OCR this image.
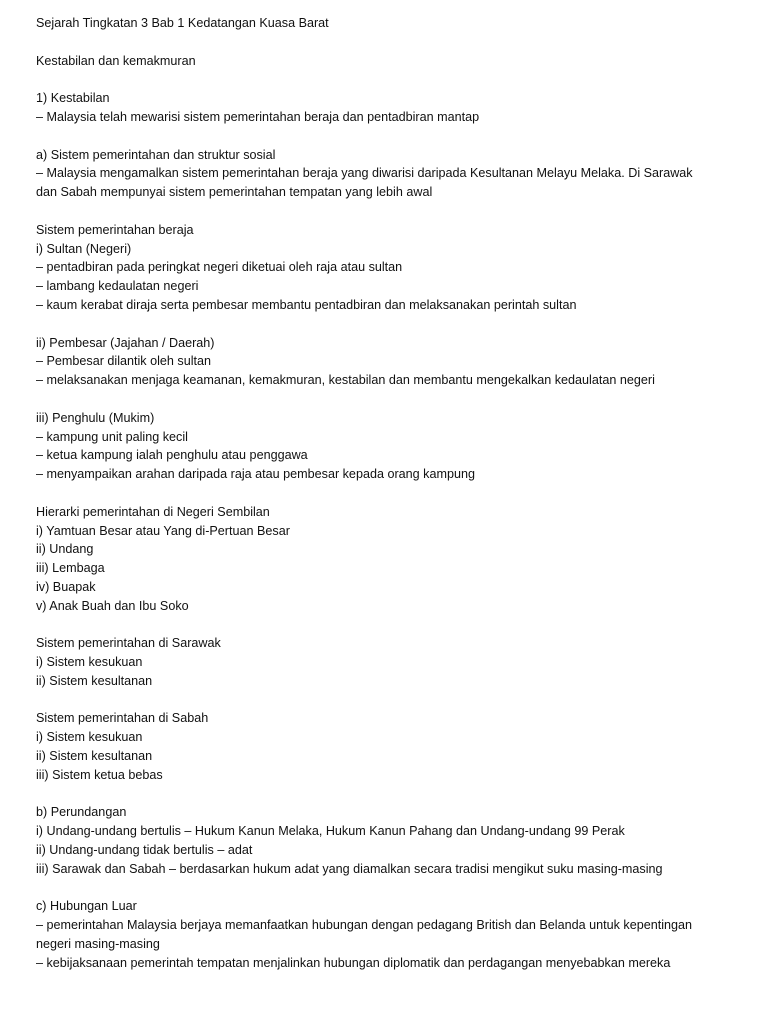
Sejarah Tingkatan 3 Bab 1 Kedatangan Kuasa Barat

Kestabilan dan kemakmuran

1) Kestabilan

– Malaysia telah mewarisi sistem pemerintahan beraja dan pentadbiran mantap

a) Sistem pemerintahan dan struktur sosial

– Malaysia mengamalkan sistem pemerintahan beraja yang diwarisi daripada Kesultanan Melayu Melaka. Di Sarawak

dan Sabah mempunyai sistem pemerintahan tempatan yang lebih awal

Sistem pemerintahan beraja

i) Sultan (Negeri)

– pentadbiran pada peringkat negeri diketuai oleh raja atau sultan

– lambang kedaulatan negeri

– kaum kerabat diraja serta pembesar membantu pentadbiran dan melaksanakan perintah sultan

ii) Pembesar (Jajahan / Daerah)

– Pembesar dilantik oleh sultan

– melaksanakan menjaga keamanan, kemakmuran, kestabilan dan membantu mengekalkan kedaulatan negeri

iii) Penghulu (Mukim)

– kampung unit paling kecil

– ketua kampung ialah penghulu atau penggawa

– menyampaikan arahan daripada raja atau pembesar kepada orang kampung

Hierarki pemerintahan di Negeri Sembilan

i) Yamtuan Besar atau Yang di-Pertuan Besar

ii) Undang

iii) Lembaga

iv) Buapak

v) Anak Buah dan Ibu Soko

Sistem pemerintahan di Sarawak

i) Sistem kesukuan

ii) Sistem kesultanan

Sistem pemerintahan di Sabah

i) Sistem kesukuan

ii) Sistem kesultanan

iii) Sistem ketua bebas

b) Perundangan

i) Undang-undang bertulis – Hukum Kanun Melaka, Hukum Kanun Pahang dan Undang-undang 99 Perak

ii) Undang-undang tidak bertulis – adat

iii) Sarawak dan Sabah – berdasarkan hukum adat yang diamalkan secara tradisi mengikut suku masing-masing

c) Hubungan Luar

– pemerintahan Malaysia berjaya memanfaatkan hubungan dengan pedagang British dan Belanda untuk kepentingan

negeri masing-masing

– kebijaksanaan pemerintah tempatan menjalinkan hubungan diplomatik dan perdagangan menyebabkan mereka
